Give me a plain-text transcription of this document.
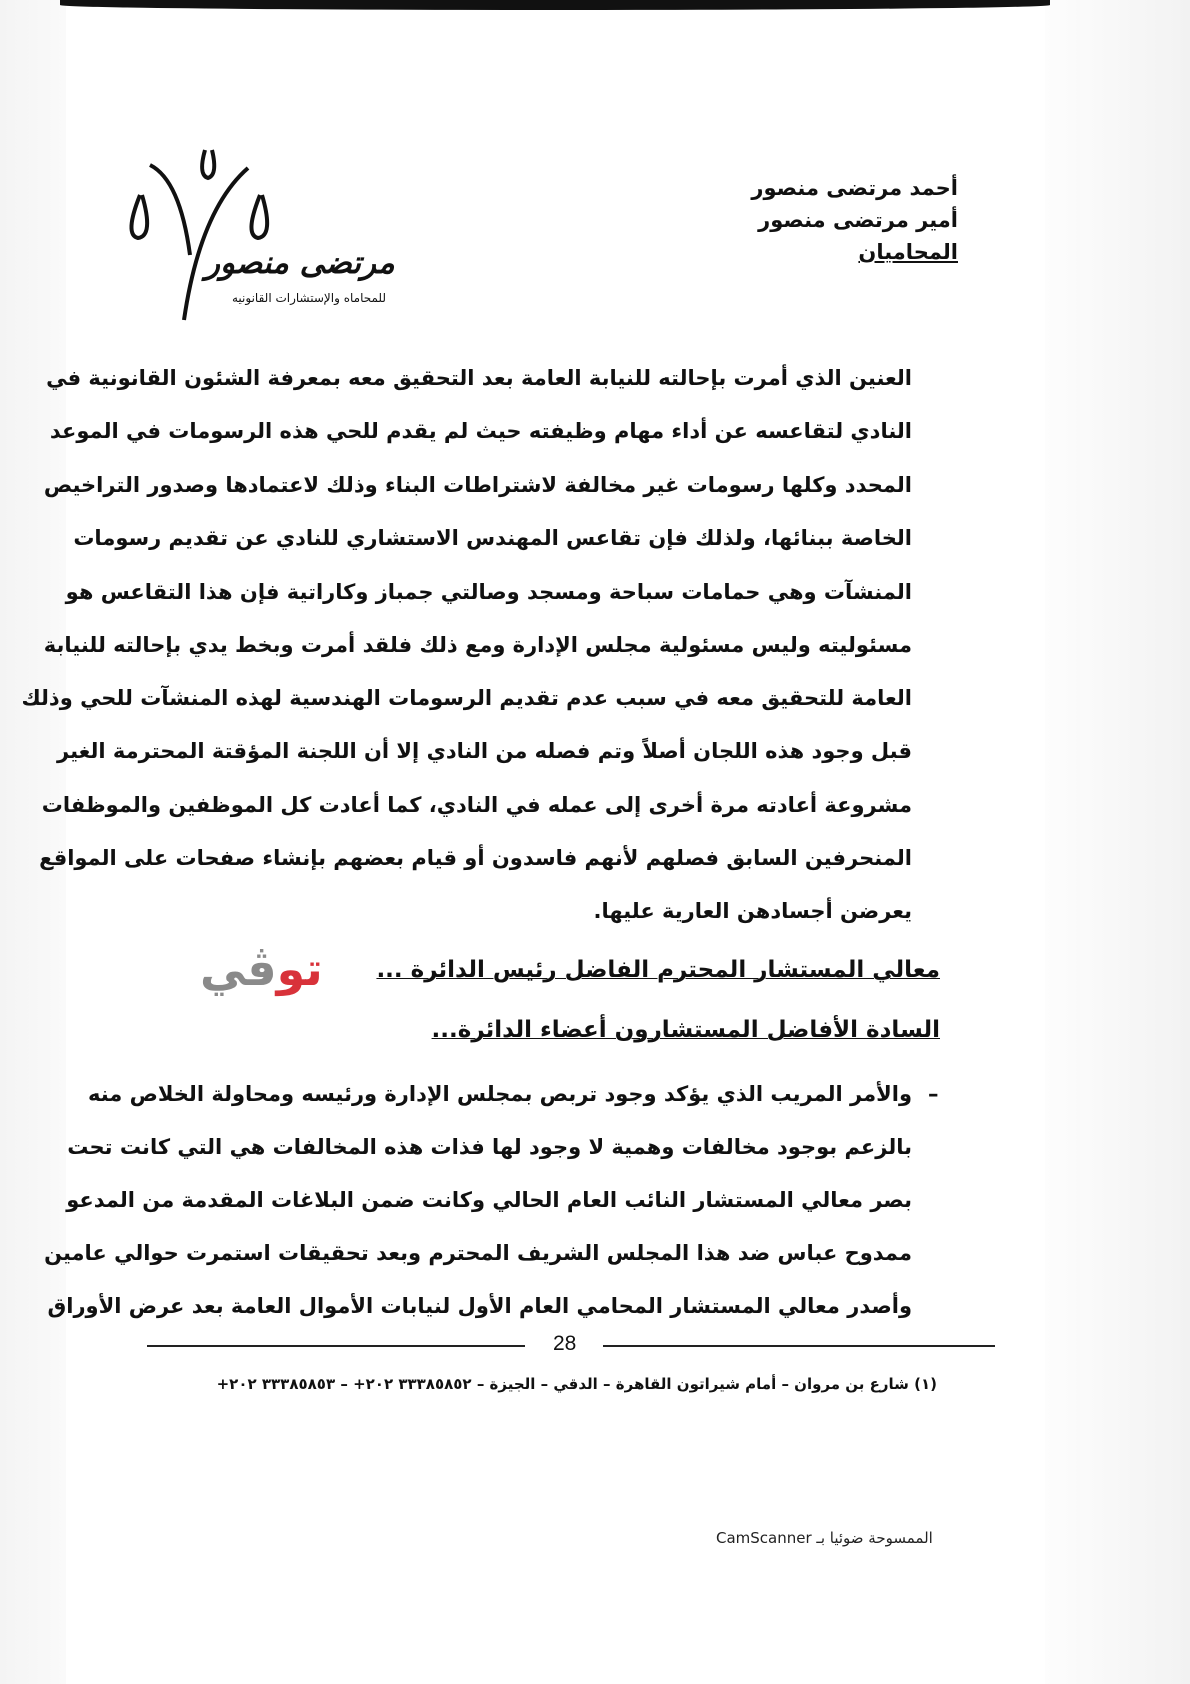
أحمد مرتضى منصور
أمير مرتضى منصور
المحاميان
مرتضى منصور
للمحاماه والإستشارات القانونيه
العنين الذي أمرت بإحالته للنيابة العامة بعد التحقيق معه بمعرفة الشئون القانونية في
النادي لتقاعسه عن أداء مهام وظيفته حيث لم يقدم للحي هذه الرسومات في الموعد
المحدد وكلها رسومات غير مخالفة لاشتراطات البناء وذلك لاعتمادها وصدور التراخيص
الخاصة ببنائها، ولذلك فإن تقاعس المهندس الاستشاري للنادي عن تقديم رسومات
المنشآت وهي حمامات سباحة ومسجد وصالتي جمباز وكاراتية فإن هذا التقاعس هو
مسئوليته وليس مسئولية مجلس الإدارة ومع ذلك فلقد أمرت وبخط يدي بإحالته للنيابة
العامة للتحقيق معه في سبب عدم تقديم الرسومات الهندسية لهذه المنشآت للحي وذلك
قبل وجود هذه اللجان أصلاً وتم فصله من النادي إلا أن اللجنة المؤقتة المحترمة الغير
مشروعة أعادته مرة أخرى إلى عمله في النادي، كما أعادت كل الموظفين والموظفات
المنحرفين السابق فصلهم لأنهم فاسدون أو قيام بعضهم بإنشاء صفحات على المواقع
يعرضن أجسادهن العارية عليها.
توڤي	معالي المستشار المحترم الفاضل رئيس الدائرة ...
السادة الأفاضل المستشارون أعضاء الدائرة...
–
والأمر المريب الذي يؤكد وجود تربص بمجلس الإدارة ورئيسه ومحاولة الخلاص منه
بالزعم بوجود مخالفات وهمية لا وجود لها فذات هذه المخالفات هي التي كانت تحت
بصر معالي المستشار النائب العام الحالي وكانت ضمن البلاغات المقدمة من المدعو
ممدوح عباس ضد هذا المجلس الشريف المحترم وبعد تحقيقات استمرت حوالي عامين
وأصدر معالي المستشار المحامي العام الأول لنيابات الأموال العامة بعد عرض الأوراق
28
(١) شارع بن مروان – أمام شيراتون القاهرة – الدقي – الجيزة – ٣٣٣٨٥٨٥٢ ٢٠٢+ – ٣٣٣٨٥٨٥٣ ٢٠٢+
الممسوحة ضوئيا بـ CamScanner
